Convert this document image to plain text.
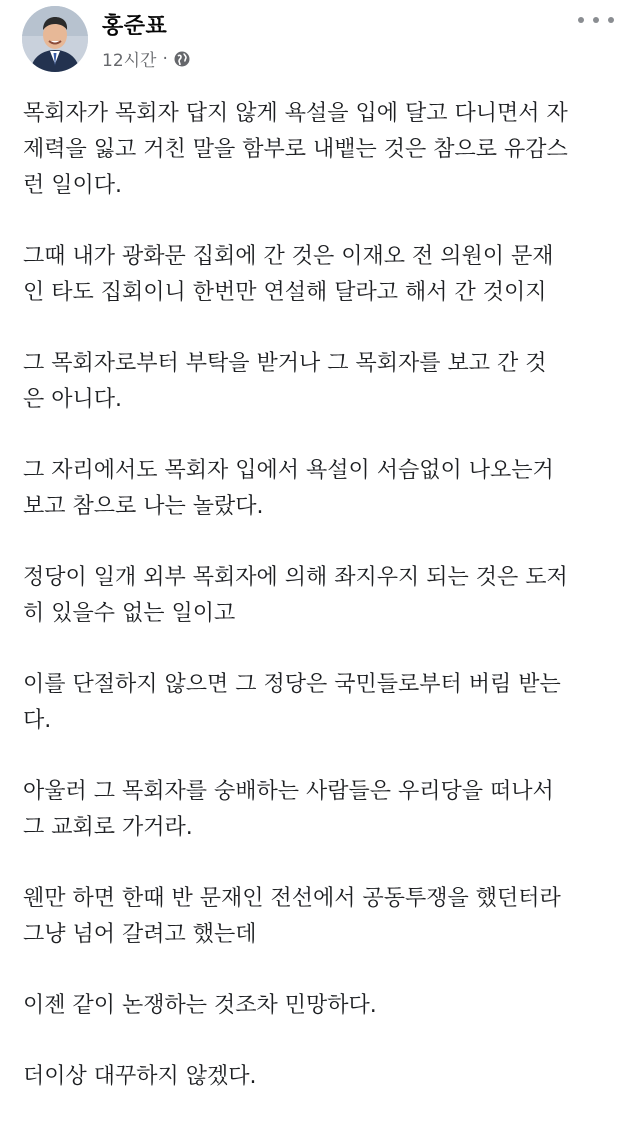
홍준표
12시간 ·

목회자가 목회자 답지 않게 욕설을 입에 달고 다니면서 자
제력을 잃고 거친 말을 함부로 내뱉는 것은 참으로 유감스
런 일이다.

그때 내가 광화문 집회에 간 것은 이재오 전 의원이 문재
인 타도 집회이니 한번만 연설해 달라고 해서 간 것이지

그 목회자로부터 부탁을 받거나 그 목회자를 보고 간 것
은 아니다.

그 자리에서도 목회자 입에서 욕설이 서슴없이 나오는거
보고 참으로 나는 놀랐다.

정당이 일개 외부 목회자에 의해 좌지우지 되는 것은 도저
히 있을수 없는 일이고

이를 단절하지 않으면 그 정당은 국민들로부터 버림 받는
다.

아울러 그 목회자를 숭배하는 사람들은 우리당을 떠나서
그 교회로 가거라.

웬만 하면 한때 반 문재인 전선에서 공동투쟁을 했던터라
그냥 넘어 갈려고 했는데

이젠 같이 논쟁하는 것조차 민망하다.

더이상 대꾸하지 않겠다.
